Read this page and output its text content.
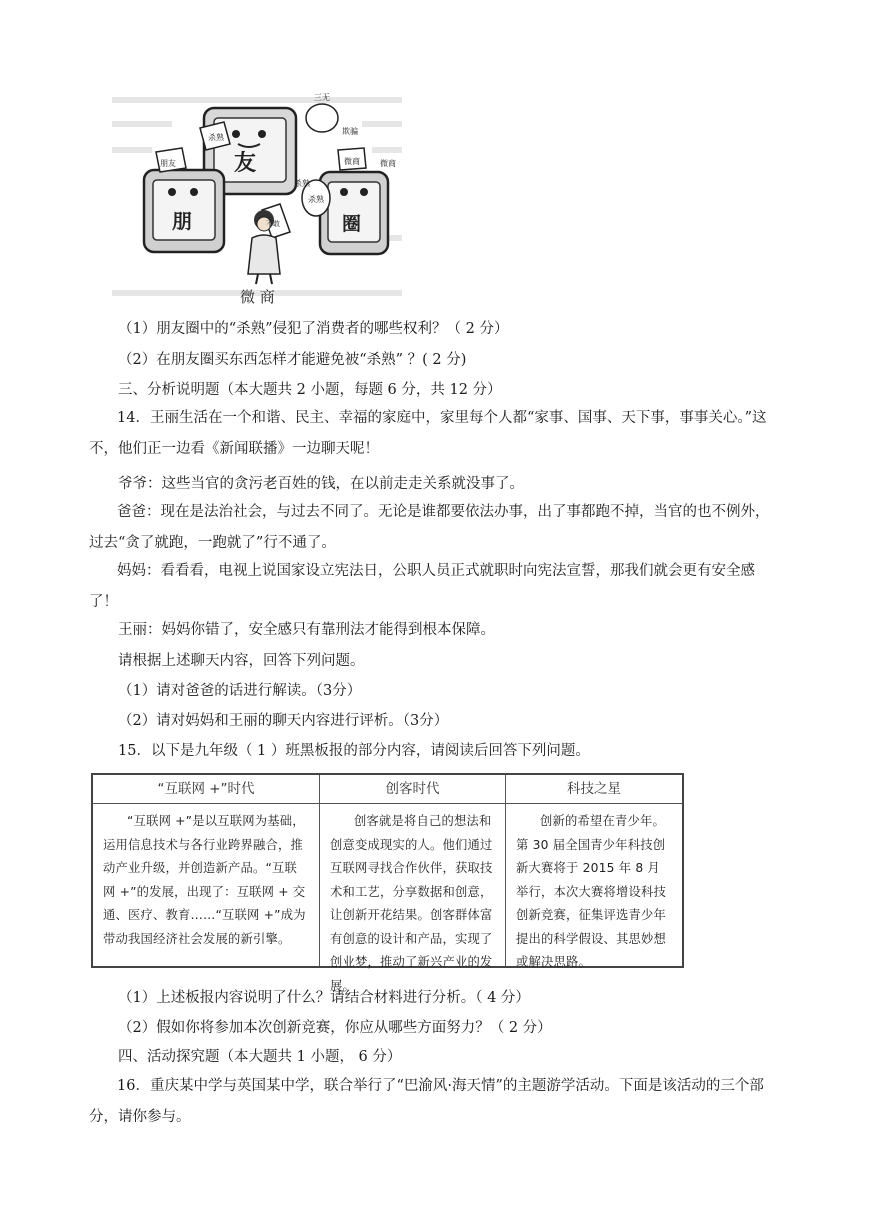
友
朋	圈
杀熟
三无
微商
朋友
杀熟
微商
杀熟
欺骗
不敢
微 商
（1）朋友圈中的“杀熟”侵犯了消费者的哪些权利？（ 2 分）
（2）在朋友圈买东西怎样才能避免被“杀熟” ？( 2 分)
三、分析说明题（本大题共 2 小题，每题 6 分，共 12 分）
14．王丽生活在一个和谐、民主、幸福的家庭中，家里每个人都“家事、国事、天下事，事事关心。”这不，他们正一边看《新闻联播》一边聊天呢！
爷爷：这些当官的贪污老百姓的钱，在以前走走关系就没事了。
爸爸：现在是法治社会，与过去不同了。无论是谁都要依法办事，出了事都跑不掉，当官的也不例外，过去“贪了就跑，一跑就了”行不通了。
妈妈：看看看，电视上说国家设立宪法日，公职人员正式就职时向宪法宣誓，那我们就会更有安全感了！
王丽：妈妈你错了，安全感只有靠刑法才能得到根本保障。
请根据上述聊天内容，回答下列问题。
（1）请对爸爸的话进行解读。（3分）
（2）请对妈妈和王丽的聊天内容进行评析。（3分）
15．以下是九年级（ 1 ）班黑板报的部分内容，请阅读后回答下列问题。
“互联网 +”时代
“互联网 +”是以互联网为基础，运用信息技术与各行业跨界融合，推动产业升级，并创造新产品。“互联网 +”的发展，出现了：互联网 + 交通、医疗、教育……“互联网 +”成为带动我国经济社会发展的新引擎。
创客时代
创客就是将自己的想法和创意变成现实的人。他们通过互联网寻找合作伙伴，获取技术和工艺，分享数据和创意，让创新开花结果。创客群体富有创意的设计和产品，实现了创业梦，推动了新兴产业的发展。
科技之星
创新的希望在青少年。第 30 届全国青少年科技创新大赛将于 2015 年 8 月举行，本次大赛将增设科技创新竞赛，征集评选青少年提出的科学假设、其思妙想或解决思路。
（1）上述板报内容说明了什么？请结合材料进行分析。（ 4 分）
（2）假如你将参加本次创新竞赛，你应从哪些方面努力？（ 2 分）
四、活动探究题（本大题共 1 小题， 6 分）
16．重庆某中学与英国某中学，联合举行了“巴渝风·海天情”的主题游学活动。下面是该活动的三个部分，请你参与。
